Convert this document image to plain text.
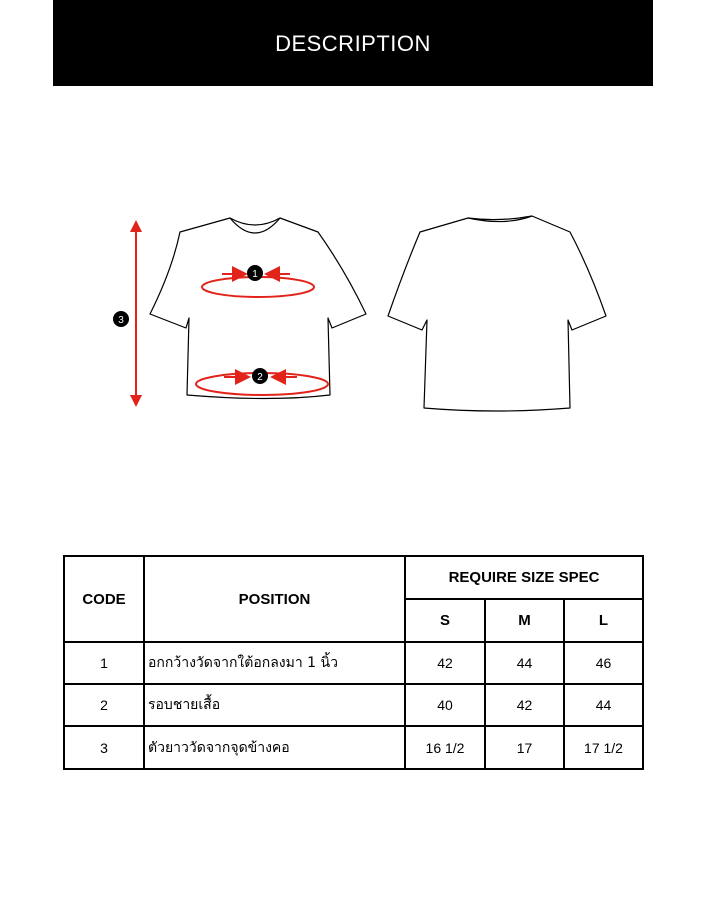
DESCRIPTION
1
2
3
CODE	POSITION	REQUIRE SIZE SPEC		
		S	M	L
1	อกกว้างวัดจากใต้อกลงมา 1 นิ้ว	42	44	46
2	รอบชายเสื้อ	40	42	44
3	ตัวยาววัดจากจุดข้างคอ	16 1/2	17	17 1/2
